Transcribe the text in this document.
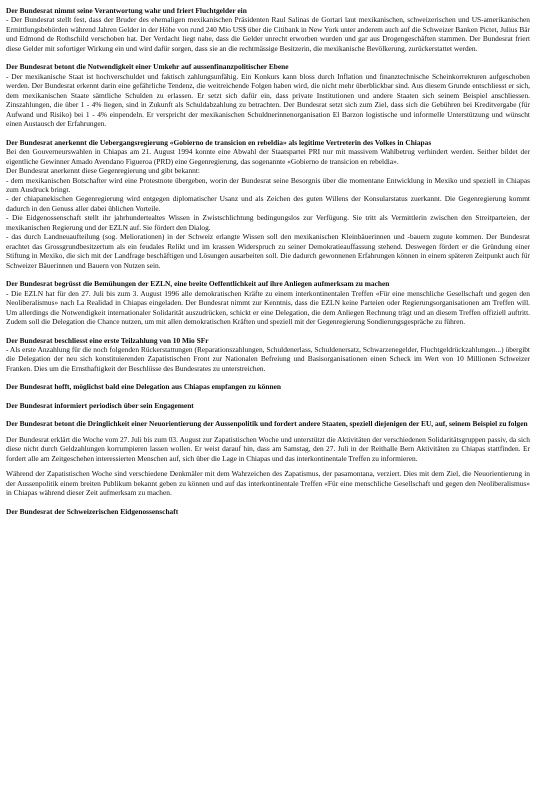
Der Bundesrat nimmt seine Verantwortung wahr und friert Fluchtgelder ein

- Der Bundesrat stellt fest, dass der Bruder des ehemaligen mexikanischen Präsidenten Raul Salinas de Gortari laut mexikanischen, schweizerischen und US-amerikanischen Ermittlungsbehörden während Jahren Gelder in der Höhe von rund 240 Mio US$ über die Citibank in New York unter anderem auch auf die Schweizer Banken Pictet, Julius Bär und Edmond de Rothschild verschoben hat. Der Verdacht liegt nahe, dass die Gelder unrecht erworben wurden und gar aus Drogengeschäften stammen. Der Bundesrat friert diese Gelder mit sofortiger Wirkung ein und wird dafür sorgen, dass sie an die rechtmässige Besitzerin, die mexikanische Bevölkerung, zurückerstattet werden.

Der Bundesrat betont die Notwendigkeit einer Umkehr auf aussenfinanzpolitischer Ebene

- Der mexikanische Staat ist hochverschuldet und faktisch zahlungsunfähig. Ein Konkurs kann bloss durch Inflation und finanztechnische Scheinkorrekturen aufgeschoben werden. Der Bundesrat erkennt darin eine gefährliche Tendenz, die weitreichende Folgen haben wird, die nicht mehr überblickbar sind. Aus diesem Grunde entschliesst er sich, dem mexikanischen Staate sämtliche Schulden zu erlassen. Er setzt sich dafür ein, dass private Institutionen und andere Staaten sich seinem Beispiel anschliessen. Zinszahlungen, die über 1 - 4% liegen, sind in Zukunft als Schuldabzahlung zu betrachten. Der Bundesrat setzt sich zum Ziel, dass sich die Gebühren bei Kreditvergabe (für Aufwand und Risiko) bei 1 - 4% einpendeln. Er verspricht der mexikanischen Schuldnerinnenorganisation El Barzon logistische und informelle Unterstützung und wünscht einen Austausch der Erfahrungen.

Der Bundesrat anerkennt die Uebergangsregierung «Gobierno de transicion en rebeldia» als legitime Vertreterin des Volkes in Chiapas

Bei den Gouverneurswahlen in Chiapas am 21. August 1994 konnte eine Abwahl der Staatspartei PRI nur mit massivem Wahlbetrug verhindert werden. Seither bildet der eigentliche Gewinner Amado Avendano Figueroa (PRD) eine Gegenregierung, das sogenannte «Gobierno de transicion en rebeldia».

Der Bundesrat anerkennt diese Gegenregierung und gibt bekannt:

- dem mexikanischen Botschafter wird eine Protestnote übergeben, worin der Bundesrat seine Besorgnis über die momentane Entwicklung in Mexiko und speziell in Chiapas zum Ausdruck bringt.

- der chiapanekischen Gegenregierung wird entgegen diplomatischer Usanz und als Zeichen des guten Willens der Konsularstatus zuerkannt. Die Gegenregierung kommt dadurch in den Genuss aller dabei üblichen Vorteile.

- Die Eidgenossenschaft stellt ihr jahrhundertealtes Wissen in Zwistschlichtung bedingungslos zur Verfügung. Sie tritt als Vermittlerin zwischen den Streitparteien, der mexikanischen Regierung und der EZLN auf. Sie fördert den Dialog.

- das durch Landneuaufteilung (sog. Meliorationen) in der Schweiz erlangte Wissen soll den mexikanischen Kleinbäuerinnen und -bauern zugute kommen. Der Bundesrat erachtet das Grossgrundbesitzertum als ein feudales Relikt und im krassen Widerspruch zu seiner Demokratieauffassung stehend. Deswegen fördert er die Gründung einer Stiftung in Mexiko, die sich mit der Landfrage beschäftigen und Lösungen ausarbeiten soll. Die dadurch gewonnenen Erfahrungen können in einem späteren Zeitpunkt auch für Schweizer Bäuerinnen und Bauern von Nutzen sein.

Der Bundesrat begrüsst die Bemühungen der EZLN, eine breite Oeffentlichkeit auf ihre Anliegen aufmerksam zu machen

- Die EZLN hat für den 27. Juli bis zum 3. August 1996 alle demokratischen Kräfte zu einem interkontinentalen Treffen «Für eine menschliche Gesellschaft und gegen den Neoliberalismus» nach La Realidad in Chiapas eingeladen. Der Bundesrat nimmt zur Kenntnis, dass die EZLN keine Parteien oder Regierungsorganisationen am Treffen will. Um allerdings die Notwendigkeit internationaler Solidarität auszudrücken, schickt er eine Delegation, die dem Anliegen Rechnung trägt und an diesem Treffen offiziell auftritt. Zudem soll die Delegation die Chance nutzen, um mit allen demokratischen Kräften und speziell mit der Gegenregierung Sondierungsgespräche zu führen.

Der Bundesrat beschliesst eine erste Teilzahlung von 10 Mio SFr

- Als erste Anzahlung für die noch folgenden Rückerstattungen (Reparationszahlungen, Schuldenerlass, Schuldenersatz, Schwarzenegelder, Fluchtgeldrückzahlungen...) übergibt die Delegation der neu sich konstituierenden Zapatistischen Front zur Nationalen Befreiung und Basisorganisationen einen Scheck im Wert von 10 Millionen Schweizer Franken. Dies um die Ernsthaftigkeit der Beschlüsse des Bundesrates zu unterstreichen.

Der Bundesrat hofft, möglichst bald eine Delegation aus Chiapas empfangen zu können

Der Bundesrat informiert periodisch über sein Engagement

Der Bundesrat betont die Dringlichkeit einer Neuorientierung der Aussenpolitik und fordert andere Staaten, speziell diejenigen der EU, auf, seinem Beispiel zu folgen

Der Bundesrat erklärt die Woche vom 27. Juli bis zum 03. August zur Zapatistischen Woche und unterstützt die Aktivitäten der verschiedenen Solidaritätsgruppen passiv, da sich diese nicht durch Geldzahlungen korrumpieren lassen wollen. Er weist darauf hin, dass am Samstag, den 27. Juli in der Reithalle Bern Aktivitäten zu Chiapas stattfinden. Er fordert alle am Zeitgeschehen interessierten Menschen auf, sich über die Lage in Chiapas und das interkontinentale Treffen zu informieren.

Während der Zapatistischen Woche sind verschiedene Denkmäler mit dem Wahrzeichen des Zapatismus, der pasamontana, verziert. Dies mit dem Ziel, die Neuorientierung in der Aussenpolitik einem breiten Publikum bekannt geben zu können und auf das interkontinentale Treffen «Für eine menschliche Gesellschaft und gegen den Neoliberalismus» in Chiapas während dieser Zeit aufmerksam zu machen.

Der Bundesrat der Schweizerischen Eidgenossenschaft
